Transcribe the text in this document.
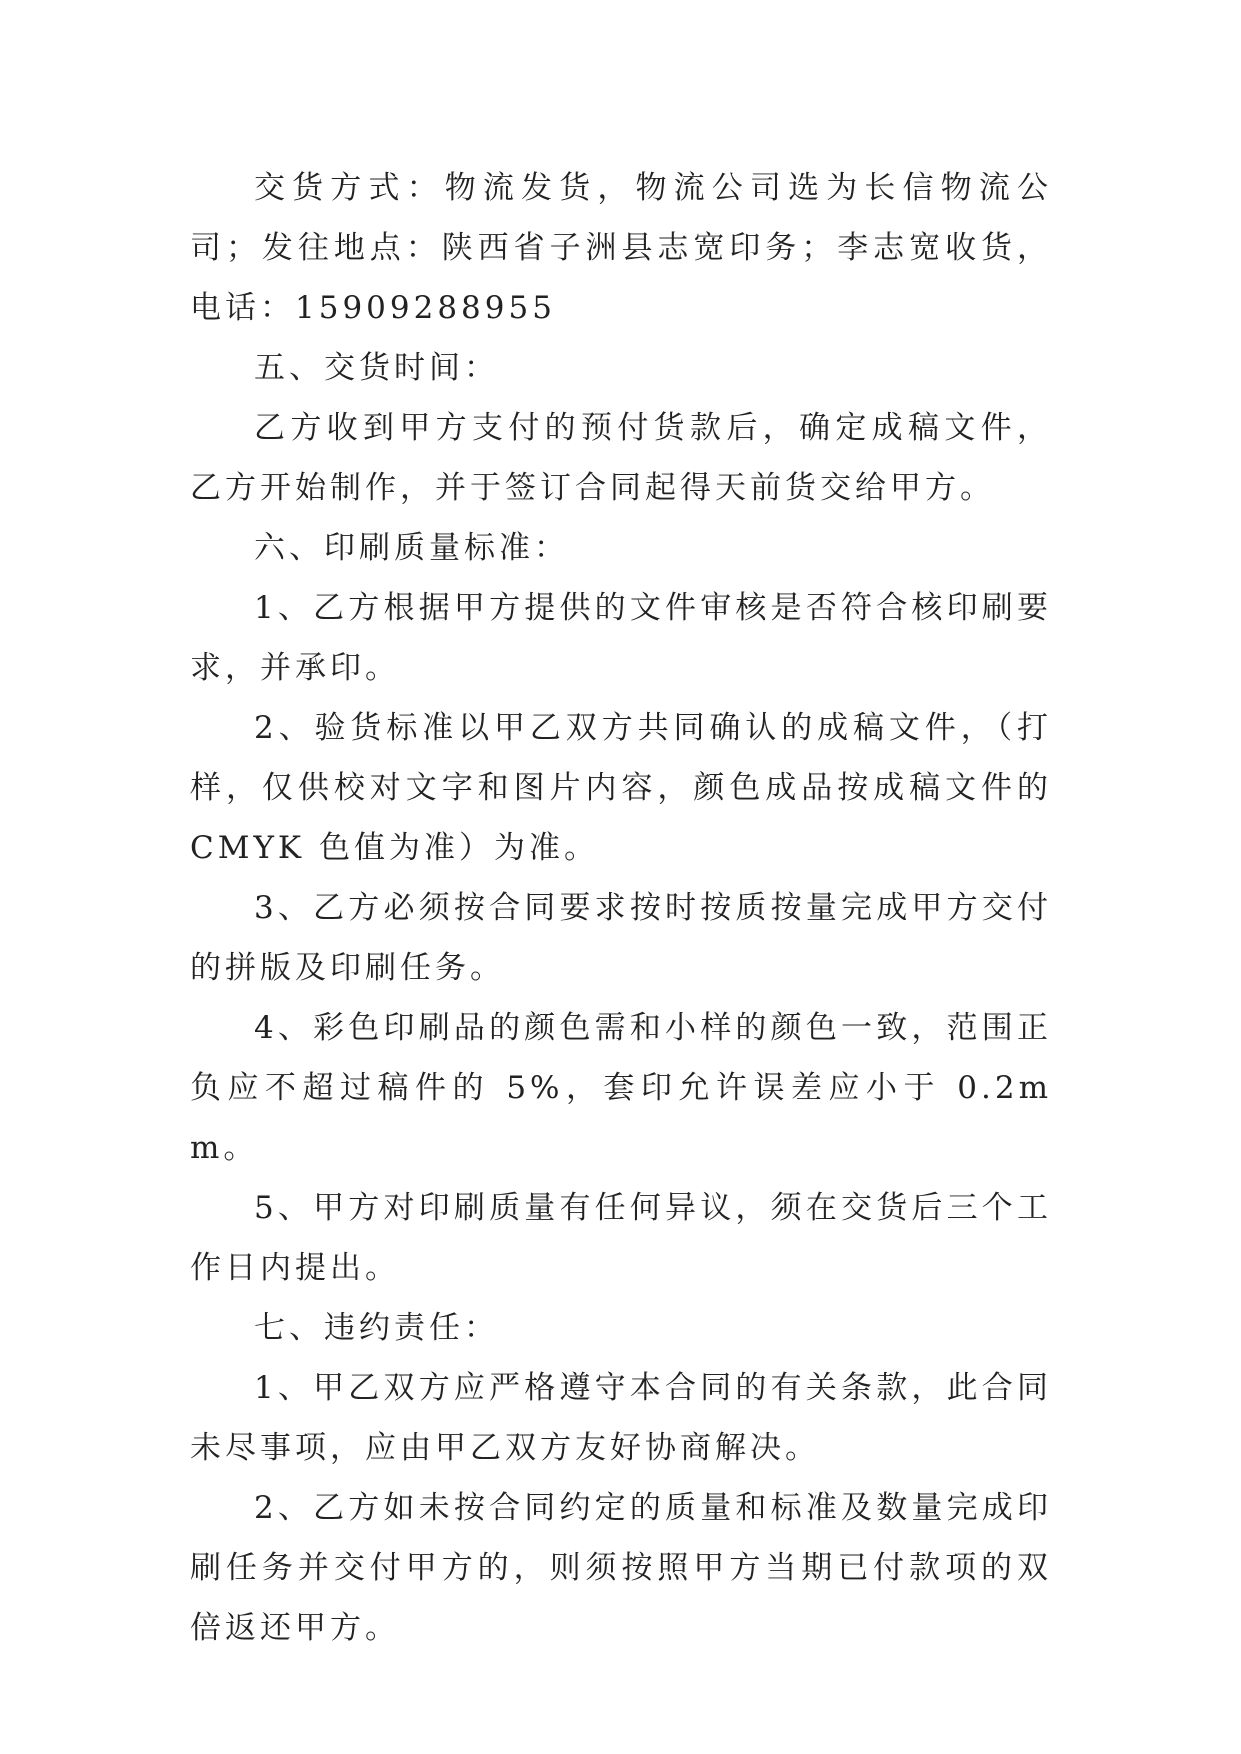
交货方式：物流发货，物流公司选为长信物流公司；发往地点：陕西省子洲县志宽印务；李志宽收货，电话：15909288955

五、交货时间：

乙方收到甲方支付的预付货款后，确定成稿文件，乙方开始制作，并于签订合同起得天前货交给甲方。

六、印刷质量标准：

1、乙方根据甲方提供的文件审核是否符合核印刷要求，并承印。

2、验货标准以甲乙双方共同确认的成稿文件，（打样，仅供校对文字和图片内容，颜色成品按成稿文件的 CMYK 色值为准）为准。

3、乙方必须按合同要求按时按质按量完成甲方交付的拼版及印刷任务。

4、彩色印刷品的颜色需和小样的颜色一致，范围正负应不超过稿件的 5%，套印允许误差应小于 0.2mm。

5、甲方对印刷质量有任何异议，须在交货后三个工作日内提出。

七、违约责任：

1、甲乙双方应严格遵守本合同的有关条款，此合同未尽事项，应由甲乙双方友好协商解决。

2、乙方如未按合同约定的质量和标准及数量完成印刷任务并交付甲方的，则须按照甲方当期已付款项的双倍返还甲方。
